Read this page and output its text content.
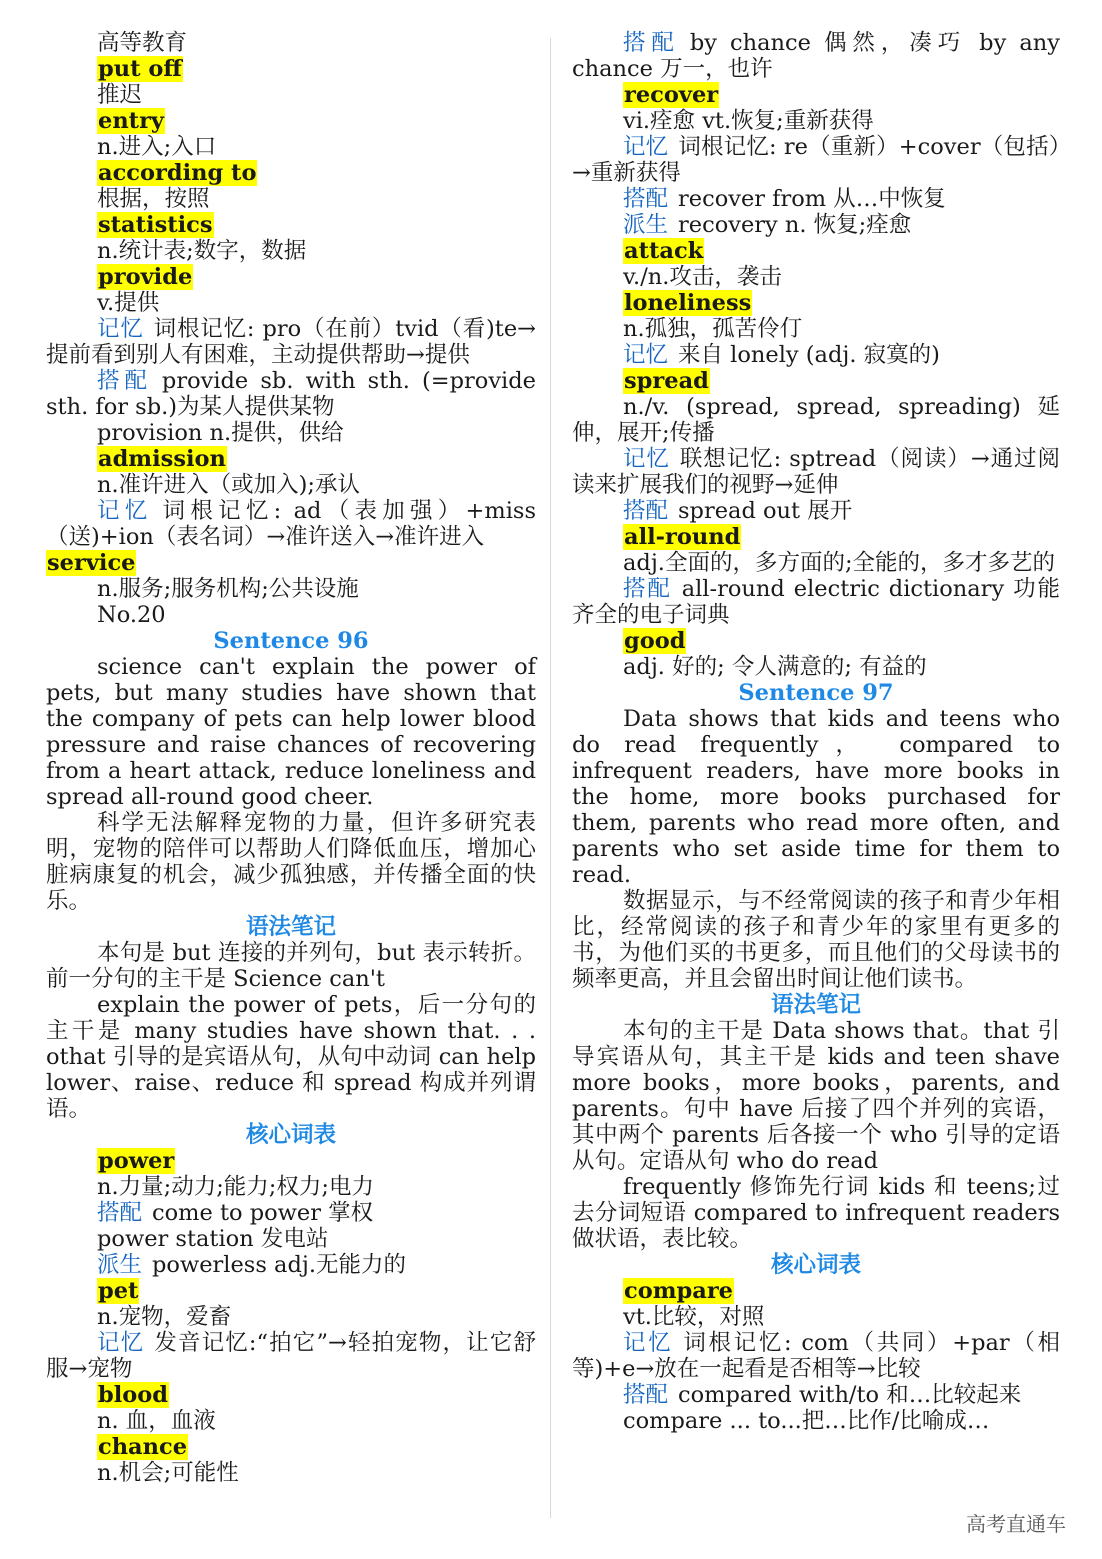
高等教育
put off
推迟
entry
n.进入;入口
according to
根据，按照
statistics
n.统计表;数字，数据
provide
v.提供
记忆 词根记忆: pro（在前）tvid（看)te→提前看到别人有困难，主动提供帮助→提供
搭配 provide sb. with sth. (=provide sth. for sb.)为某人提供某物
provision n.提供，供给
admission
n.准许进入（或加入);承认
记忆 词根记忆: ad（表加强）+miss（送)+ion（表名词）→准许送入→准许进入
service
n.服务;服务机构;公共设施
No.20
Sentence 96
science can't explain the power of pets, but many studies have shown that the company of pets can help lower blood pressure and raise chances of recovering from a heart attack, reduce loneliness and spread all-round good cheer.
科学无法解释宠物的力量，但许多研究表明，宠物的陪伴可以帮助人们降低血压，增加心脏病康复的机会，减少孤独感，并传播全面的快乐。
语法笔记
本句是 but 连接的并列句，but 表示转折。前一分句的主干是 Science can't
explain the power of pets，后一分句的主干是 many studies have shown that. . . othat 引导的是宾语从句，从句中动词 can help lower、raise、reduce 和 spread 构成并列谓语。
核心词表
power
n.力量;动力;能力;权力;电力
搭配 come to power 掌权
power station 发电站
派生 powerless adj.无能力的
pet
n.宠物，爱畜
记忆 发音记忆:“拍它”→轻拍宠物，让它舒服→宠物
blood
n. 血，血液
chance
n.机会;可能性
搭配 by chance 偶然，凑巧 by any chance 万一，也许
recover
vi.痊愈 vt.恢复;重新获得
记忆 词根记忆: re（重新）+cover（包括）→重新获得
搭配 recover from 从…中恢复
派生 recovery n. 恢复;痊愈
attack
v./n.攻击，袭击
loneliness
n.孤独，孤苦伶仃
记忆 来自 lonely (adj. 寂寞的)
spread
n./v. (spread, spread, spreading) 延伸，展开;传播
记忆 联想记忆: sptread（阅读）→通过阅读来扩展我们的视野→延伸
搭配 spread out 展开
all-round
adj.全面的，多方面的;全能的，多才多艺的
搭配 all-round electric dictionary 功能齐全的电子词典
good
adj. 好的; 令人满意的; 有益的
Sentence 97
Data shows that kids and teens who do read frequently， compared to infrequent readers, have more books in the home, more books purchased for them, parents who read more often, and parents who set aside time for them to read.
数据显示，与不经常阅读的孩子和青少年相比，经常阅读的孩子和青少年的家里有更多的书，为他们买的书更多，而且他们的父母读书的频率更高，并且会留出时间让他们读书。
语法笔记
本句的主干是 Data shows that。that 引导宾语从句，其主干是 kids and teen shave more books，more books，parents, and parents。句中 have 后接了四个并列的宾语，其中两个 parents 后各接一个 who 引导的定语从句。定语从句 who do read
frequently 修饰先行词 kids 和 teens;过去分词短语 compared to infrequent readers 做状语，表比较。
核心词表
compare
vt.比较，对照
记忆 词根记忆: com（共同）+par（相等)+e→放在一起看是否相等→比较
搭配 compared with/to 和…比较起来
compare ... to...把…比作/比喻成…
高考直通车
